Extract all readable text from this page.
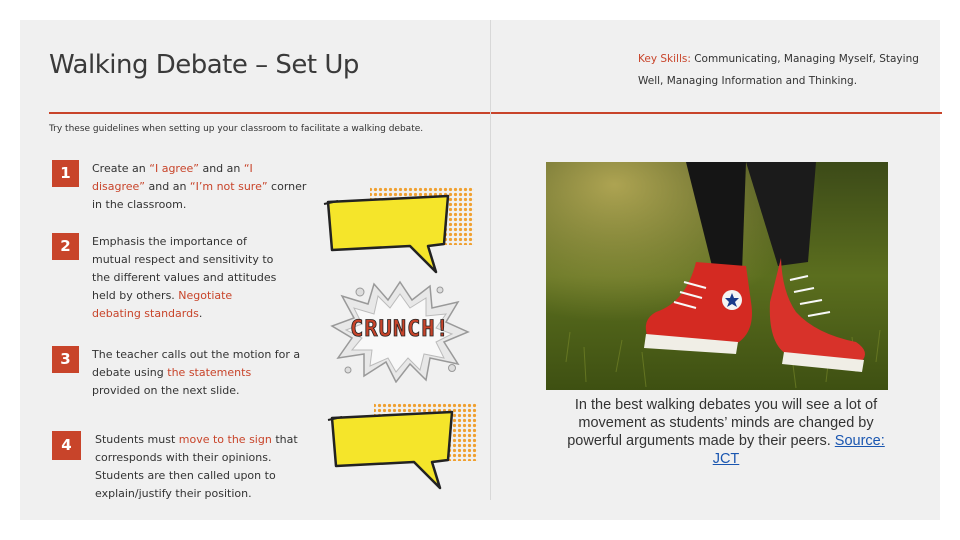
Walking Debate – Set Up	Key Skills: Communicating, Managing Myself, Staying Well, Managing Information and Thinking.
Try these guidelines when setting up your classroom to facilitate a walking debate.
1	Create an “I agree” and an “I disagree” and an “I’m not sure” corner in the classroom.
2	Emphasis the importance of mutual respect and sensitivity to the different values and attitudes held by others. Negotiate debating standards.
3	The teacher calls out the motion for a debate using the statements provided on the next slide.
4	Students must move to the sign that corresponds with their opinions. Students are then called upon to explain/justify their position.
CRUNCH!
In the best walking debates you will see a lot of movement as students’ minds are changed by powerful arguments made by their peers. Source: JCT
